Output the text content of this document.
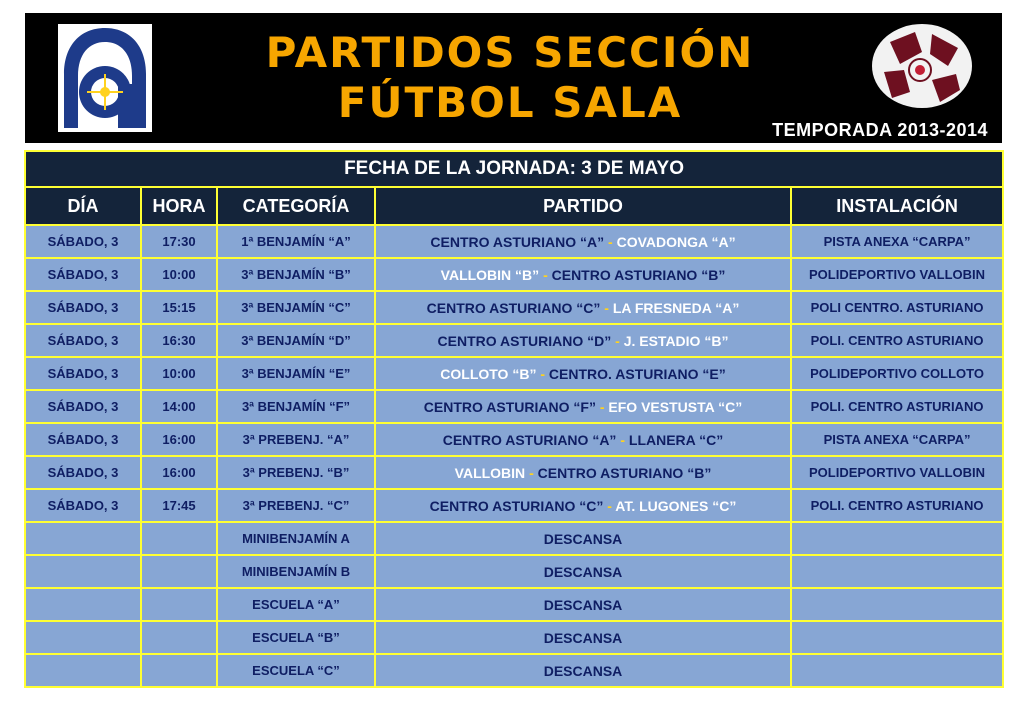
PARTIDOS SECCIÓN
FÚTBOL SALA
TEMPORADA 2013-2014
FECHA DE LA JORNADA: 3 DE MAYO				
DÍA	HORA	CATEGORÍA	PARTIDO	INSTALACIÓN
SÁBADO, 3	17:30	1ª BENJAMÍN “A”	CENTRO ASTURIANO “A” - COVADONGA “A”	PISTA ANEXA “CARPA”
SÁBADO, 3	10:00	3ª BENJAMÍN “B”	VALLOBIN “B” - CENTRO ASTURIANO “B”	POLIDEPORTIVO VALLOBIN
SÁBADO, 3	15:15	3ª BENJAMÍN “C”	CENTRO ASTURIANO “C” - LA FRESNEDA “A”	POLI CENTRO. ASTURIANO
SÁBADO, 3	16:30	3ª BENJAMÍN “D”	CENTRO ASTURIANO “D” - J. ESTADIO “B”	POLI. CENTRO ASTURIANO
SÁBADO, 3	10:00	3ª BENJAMÍN “E”	COLLOTO “B” - CENTRO. ASTURIANO “E”	POLIDEPORTIVO COLLOTO
SÁBADO, 3	14:00	3ª BENJAMÍN “F”	CENTRO ASTURIANO “F” - EFO VESTUSTA “C”	POLI. CENTRO ASTURIANO
SÁBADO, 3	16:00	3ª PREBENJ. “A”	CENTRO ASTURIANO “A” - LLANERA “C”	PISTA ANEXA “CARPA”
SÁBADO, 3	16:00	3ª PREBENJ. “B”	VALLOBIN - CENTRO ASTURIANO “B”	POLIDEPORTIVO VALLOBIN
SÁBADO, 3	17:45	3ª PREBENJ. “C”	CENTRO ASTURIANO “C” - AT. LUGONES “C”	POLI. CENTRO ASTURIANO
		MINIBENJAMÍN A	DESCANSA	
		MINIBENJAMÍN B	DESCANSA	
		ESCUELA “A”	DESCANSA	
		ESCUELA “B”	DESCANSA	
		ESCUELA “C”	DESCANSA	
